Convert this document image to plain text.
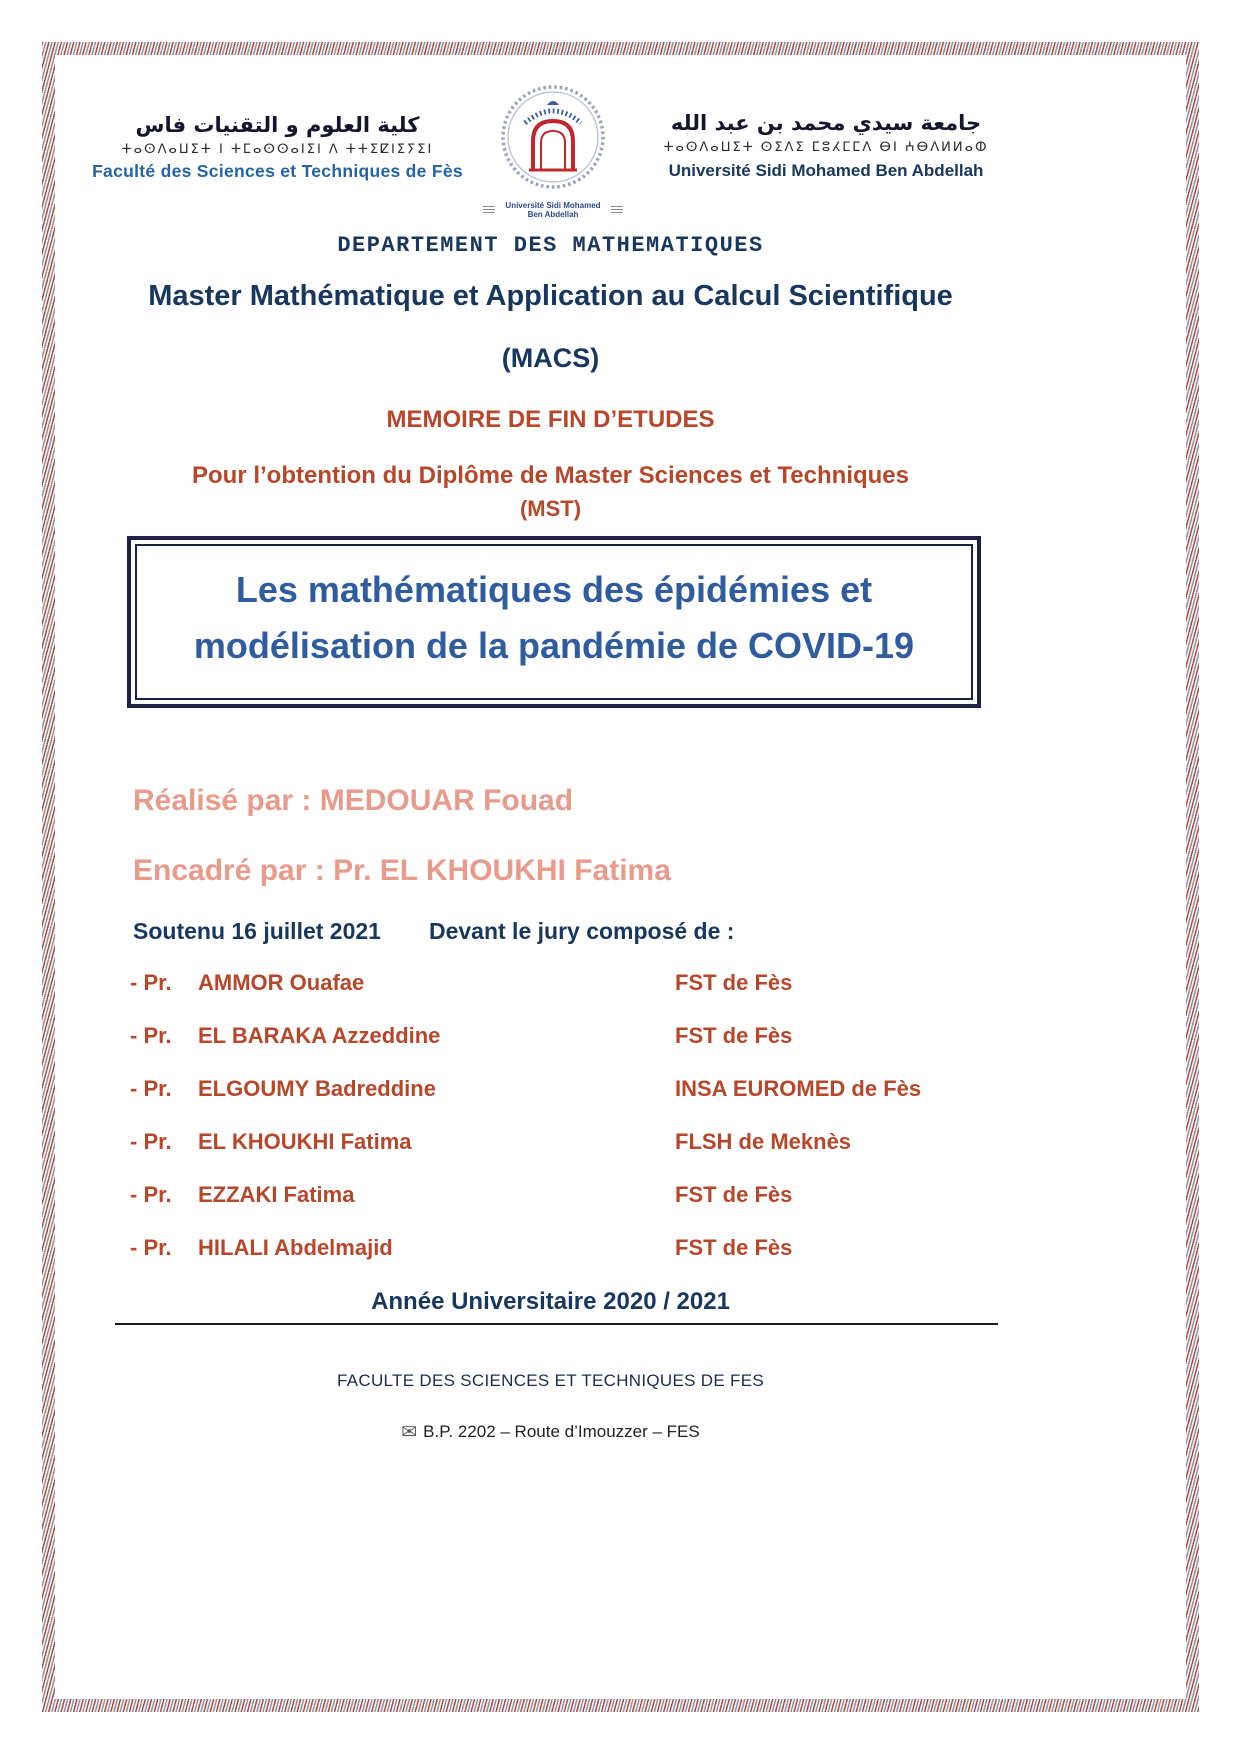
كلية العلوم و التقنيات فاس
ⵜⴰⵙⴷⴰⵡⵉⵜ ⵏ ⵜⵎⴰⵙⵙⴰⵏⵉⵏ ⴷ ⵜⵜⵉⵇⵏⵉⵢⵉⵏ
Faculté des Sciences et Techniques de Fès
Université Sidi Mohamed Ben Abdellah
جامعة سيدي محمد بن عبد الله
ⵜⴰⵙⴷⴰⵡⵉⵜ ⵙⵉⴷⵉ ⵎⵓⵃⵎⵎⴷ ⴱⵏ ⵄⴱⴷⵍⵍⴰⵀ
Université Sidi Mohamed Ben Abdellah
DEPARTEMENT DES MATHEMATIQUES
Master Mathématique et Application au Calcul Scientifique
(MACS)
MEMOIRE DE FIN D’ETUDES
Pour l’obtention du Diplôme de Master Sciences et Techniques
(MST)
Les mathématiques des épidémies et
modélisation de la pandémie de COVID-19
Réalisé par : MEDOUAR Fouad
Encadré par : Pr. EL KHOUKHI Fatima
Soutenu 16 juillet 2021 Devant le jury composé de :
- Pr. AMMOR Ouafae	FST de Fès
- Pr. EL BARAKA Azzeddine	FST de Fès
- Pr. ELGOUMY Badreddine	INSA EUROMED de Fès
- Pr. EL KHOUKHI Fatima	FLSH de Meknès
- Pr. EZZAKI Fatima	FST de Fès
- Pr. HILALI Abdelmajid	FST de Fès
Année Universitaire 2020 / 2021
FACULTE DES SCIENCES ET TECHNIQUES DE FES
✉ B.P. 2202 – Route d’Imouzzer – FES
